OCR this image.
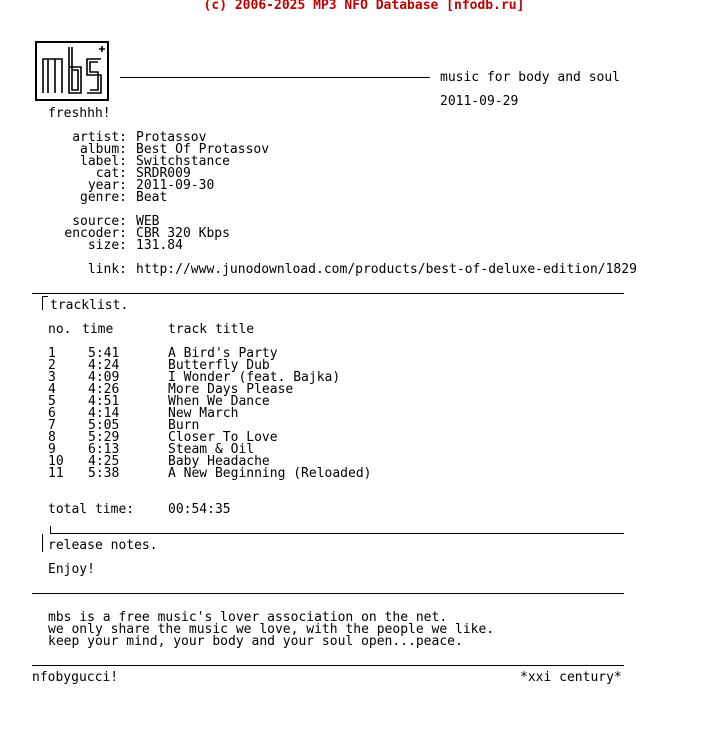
(c) 2006-2025 MP3 NFO Database [nfodb.ru]
music for body and soul
2011-09-29
freshhh!
artist: Protassov
album: Best Of Protassov
label: Switchstance
cat: SRDR009
year: 2011-09-30
genre: Beat
source: WEB
encoder: CBR 320 Kbps
size: 131.84
link: http://www.junodownload.com/products/best-of-deluxe-edition/1829
tracklist.
no. time	track title
1 5:41	A Bird's Party
2 4:24	Butterfly Dub
3 4:09	I Wonder (feat. Bajka)
4 4:26	More Days Please
5 4:51	When We Dance
6 4:14	New March
7 5:05	Burn
8 5:29	Closer To Love
9 6:13	Steam & Oil
10 4:25	Baby Headache
11 5:38	A New Beginning (Reloaded)
total time:	00:54:35
release notes.
Enjoy!
mbs is a free music's lover association on the net.
we only share the music we love, with the people we like.
keep your mind, your body and your soul open...peace.
nfobygucci!	*xxi century*
